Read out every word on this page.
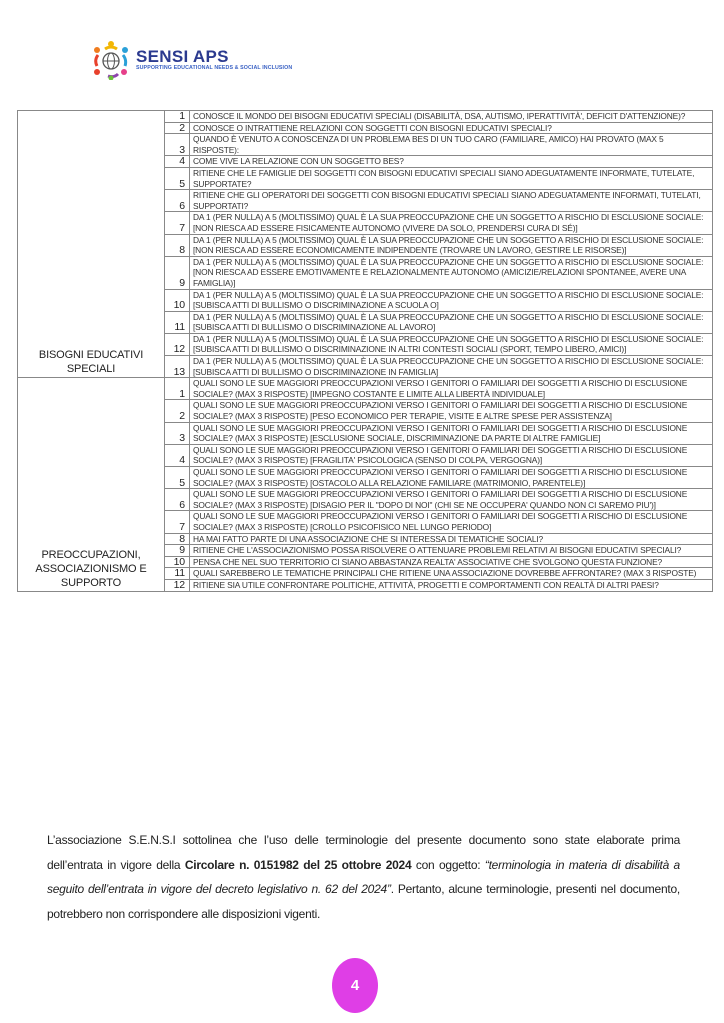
SENSI APS
SUPPORTING EDUCATIONAL NEEDS & SOCIAL INCLUSION
BISOGNI EDUCATIVI SPECIALI	1	CONOSCE IL MONDO DEI BISOGNI EDUCATIVI SPECIALI (DISABILITÀ, DSA, AUTISMO, IPERATTIVITÀ', DEFICIT D'ATTENZIONE)?
	2	CONOSCE O INTRATTIENE RELAZIONI CON SOGGETTI CON BISOGNI EDUCATIVI SPECIALI?
	3	QUANDO È VENUTO A CONOSCENZA DI UN PROBLEMA BES DI UN TUO CARO (FAMILIARE, AMICO) HAI PROVATO (MAX 5 RISPOSTE):
	4	COME VIVE LA RELAZIONE CON UN SOGGETTO BES?
	5	RITIENE CHE LE FAMIGLIE DEI SOGGETTI CON BISOGNI EDUCATIVI SPECIALI SIANO ADEGUATAMENTE INFORMATE, TUTELATE, SUPPORTATE?
	6	RITIENE CHE GLI OPERATORI DEI SOGGETTI CON BISOGNI EDUCATIVI SPECIALI SIANO ADEGUATAMENTE INFORMATI, TUTELATI, SUPPORTATI?
	7	DA 1 (PER NULLA) A 5 (MOLTISSIMO) QUAL È LA SUA PREOCCUPAZIONE CHE UN SOGGETTO A RISCHIO DI ESCLUSIONE SOCIALE: [NON RIESCA AD ESSERE FISICAMENTE AUTONOMO (VIVERE DA SOLO, PRENDERSI CURA DI SÉ)]
	8	DA 1 (PER NULLA) A 5 (MOLTISSIMO) QUAL È LA SUA PREOCCUPAZIONE CHE UN SOGGETTO A RISCHIO DI ESCLUSIONE SOCIALE: [NON RIESCA AD ESSERE ECONOMICAMENTE INDIPENDENTE (TROVARE UN LAVORO, GESTIRE LE RISORSE)]
	9	DA 1 (PER NULLA) A 5 (MOLTISSIMO) QUAL È LA SUA PREOCCUPAZIONE CHE UN SOGGETTO A RISCHIO DI ESCLUSIONE SOCIALE: [NON RIESCA AD ESSERE EMOTIVAMENTE E RELAZIONALMENTE AUTONOMO (AMICIZIE/RELAZIONI SPONTANEE, AVERE UNA FAMIGLIA)]
	10	DA 1 (PER NULLA) A 5 (MOLTISSIMO) QUAL È LA SUA PREOCCUPAZIONE CHE UN SOGGETTO A RISCHIO DI ESCLUSIONE SOCIALE: [SUBISCA ATTI DI BULLISMO O DISCRIMINAZIONE A SCUOLA O]
	11	DA 1 (PER NULLA) A 5 (MOLTISSIMO) QUAL È LA SUA PREOCCUPAZIONE CHE UN SOGGETTO A RISCHIO DI ESCLUSIONE SOCIALE: [SUBISCA ATTI DI BULLISMO O DISCRIMINAZIONE AL LAVORO]
	12	DA 1 (PER NULLA) A 5 (MOLTISSIMO) QUAL È LA SUA PREOCCUPAZIONE CHE UN SOGGETTO A RISCHIO DI ESCLUSIONE SOCIALE: [SUBISCA ATTI DI BULLISMO O DISCRIMINAZIONE IN ALTRI CONTESTI SOCIALI (SPORT, TEMPO LIBERO, AMICI)]
	13	DA 1 (PER NULLA) A 5 (MOLTISSIMO) QUAL È LA SUA PREOCCUPAZIONE CHE UN SOGGETTO A RISCHIO DI ESCLUSIONE SOCIALE: [SUBISCA ATTI DI BULLISMO O DISCRIMINAZIONE IN FAMIGLIA]
PREOCCUPAZIONI, ASSOCIAZIONISMO E SUPPORTO	1	QUALI SONO LE SUE MAGGIORI PREOCCUPAZIONI VERSO I GENITORI O FAMILIARI DEI SOGGETTI A RISCHIO DI ESCLUSIONE SOCIALE? (MAX 3 RISPOSTE) [IMPEGNO COSTANTE E LIMITE ALLA LIBERTÀ INDIVIDUALE]
	2	QUALI SONO LE SUE MAGGIORI PREOCCUPAZIONI VERSO I GENITORI O FAMILIARI DEI SOGGETTI A RISCHIO DI ESCLUSIONE SOCIALE? (MAX 3 RISPOSTE) [PESO ECONOMICO PER TERAPIE, VISITE E ALTRE SPESE PER ASSISTENZA]
	3	QUALI SONO LE SUE MAGGIORI PREOCCUPAZIONI VERSO I GENITORI O FAMILIARI DEI SOGGETTI A RISCHIO DI ESCLUSIONE SOCIALE? (MAX 3 RISPOSTE) [ESCLUSIONE SOCIALE, DISCRIMINAZIONE DA PARTE DI ALTRE FAMIGLIE]
	4	QUALI SONO LE SUE MAGGIORI PREOCCUPAZIONI VERSO I GENITORI O FAMILIARI DEI SOGGETTI A RISCHIO DI ESCLUSIONE SOCIALE? (MAX 3 RISPOSTE) [FRAGILITA' PSICOLOGICA (SENSO DI COLPA, VERGOGNA)]
	5	QUALI SONO LE SUE MAGGIORI PREOCCUPAZIONI VERSO I GENITORI O FAMILIARI DEI SOGGETTI A RISCHIO DI ESCLUSIONE SOCIALE? (MAX 3 RISPOSTE) [OSTACOLO ALLA RELAZIONE FAMILIARE (MATRIMONIO, PARENTELE)]
	6	QUALI SONO LE SUE MAGGIORI PREOCCUPAZIONI VERSO I GENITORI O FAMILIARI DEI SOGGETTI A RISCHIO DI ESCLUSIONE SOCIALE? (MAX 3 RISPOSTE) [DISAGIO PER IL "DOPO DI NOI" (CHI SE NE OCCUPERA' QUANDO NON CI SAREMO PIU')]
	7	QUALI SONO LE SUE MAGGIORI PREOCCUPAZIONI VERSO I GENITORI O FAMILIARI DEI SOGGETTI A RISCHIO DI ESCLUSIONE SOCIALE? (MAX 3 RISPOSTE) [CROLLO PSICOFISICO NEL LUNGO PERIODO]
	8	HA MAI FATTO PARTE DI UNA ASSOCIAZIONE CHE SI INTERESSA DI TEMATICHE SOCIALI?
	9	RITIENE CHE L'ASSOCIAZIONISMO POSSA RISOLVERE O ATTENUARE PROBLEMI RELATIVI AI BISOGNI EDUCATIVI SPECIALI?
	10	PENSA CHE NEL SUO TERRITORIO CI SIANO ABBASTANZA REALTA' ASSOCIATIVE CHE SVOLGONO QUESTA FUNZIONE?
	11	QUALI SAREBBERO LE TEMATICHE PRINCIPALI CHE RITIENE UNA ASSOCIAZIONE DOVREBBE AFFRONTARE? (MAX 3 RISPOSTE)
	12	RITIENE SIA UTILE CONFRONTARE POLITICHE, ATTIVITÀ, PROGETTI E COMPORTAMENTI CON REALTÀ DI ALTRI PAESI?
L’associazione S.E.N.S.I sottolinea che l’uso delle terminologie del presente documento sono state elaborate prima dell’entrata in vigore della Circolare n. 0151982 del 25 ottobre 2024 con oggetto: “terminologia in materia di disabilità a seguito dell’entrata in vigore del decreto legislativo n. 62 del 2024”. Pertanto, alcune terminologie, presenti nel documento, potrebbero non corrispondere alle disposizioni vigenti.
4
